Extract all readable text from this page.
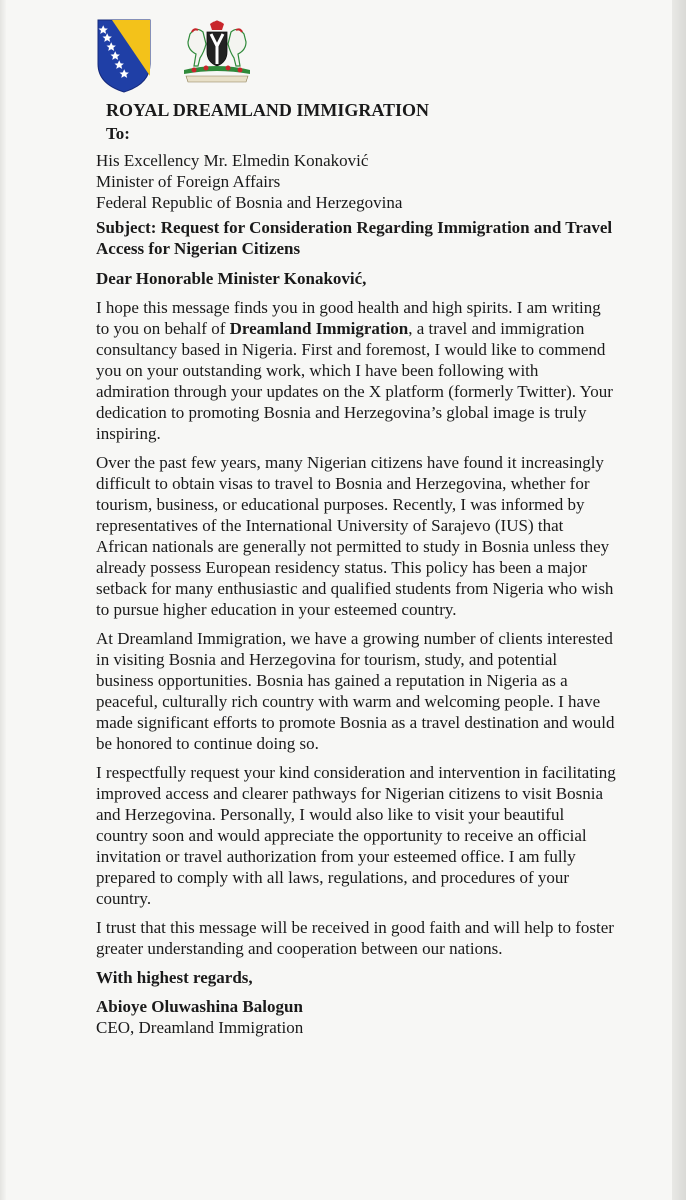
ROYAL DREAMLAND IMMIGRATION
To:
His Excellency Mr. Elmedin Konaković
Minister of Foreign Affairs
Federal Republic of Bosnia and Herzegovina
Subject: Request for Consideration Regarding Immigration and Travel Access for Nigerian Citizens
Dear Honorable Minister Konaković,

I hope this message finds you in good health and high spirits. I am writing to you on behalf of Dreamland Immigration, a travel and immigration consultancy based in Nigeria. First and foremost, I would like to commend you on your outstanding work, which I have been following with admiration through your updates on the X platform (formerly Twitter). Your dedication to promoting Bosnia and Herzegovina’s global image is truly inspiring.

Over the past few years, many Nigerian citizens have found it increasingly difficult to obtain visas to travel to Bosnia and Herzegovina, whether for tourism, business, or educational purposes. Recently, I was informed by representatives of the International University of Sarajevo (IUS) that African nationals are generally not permitted to study in Bosnia unless they already possess European residency status. This policy has been a major setback for many enthusiastic and qualified students from Nigeria who wish to pursue higher education in your esteemed country.

At Dreamland Immigration, we have a growing number of clients interested in visiting Bosnia and Herzegovina for tourism, study, and potential business opportunities. Bosnia has gained a reputation in Nigeria as a peaceful, culturally rich country with warm and welcoming people. I have made significant efforts to promote Bosnia as a travel destination and would be honored to continue doing so.

I respectfully request your kind consideration and intervention in facilitating improved access and clearer pathways for Nigerian citizens to visit Bosnia and Herzegovina. Personally, I would also like to visit your beautiful country soon and would appreciate the opportunity to receive an official invitation or travel authorization from your esteemed office. I am fully prepared to comply with all laws, regulations, and procedures of your country.

I trust that this message will be received in good faith and will help to foster greater understanding and cooperation between our nations.

With highest regards,
Abioye Oluwashina Balogun
CEO, Dreamland Immigration
